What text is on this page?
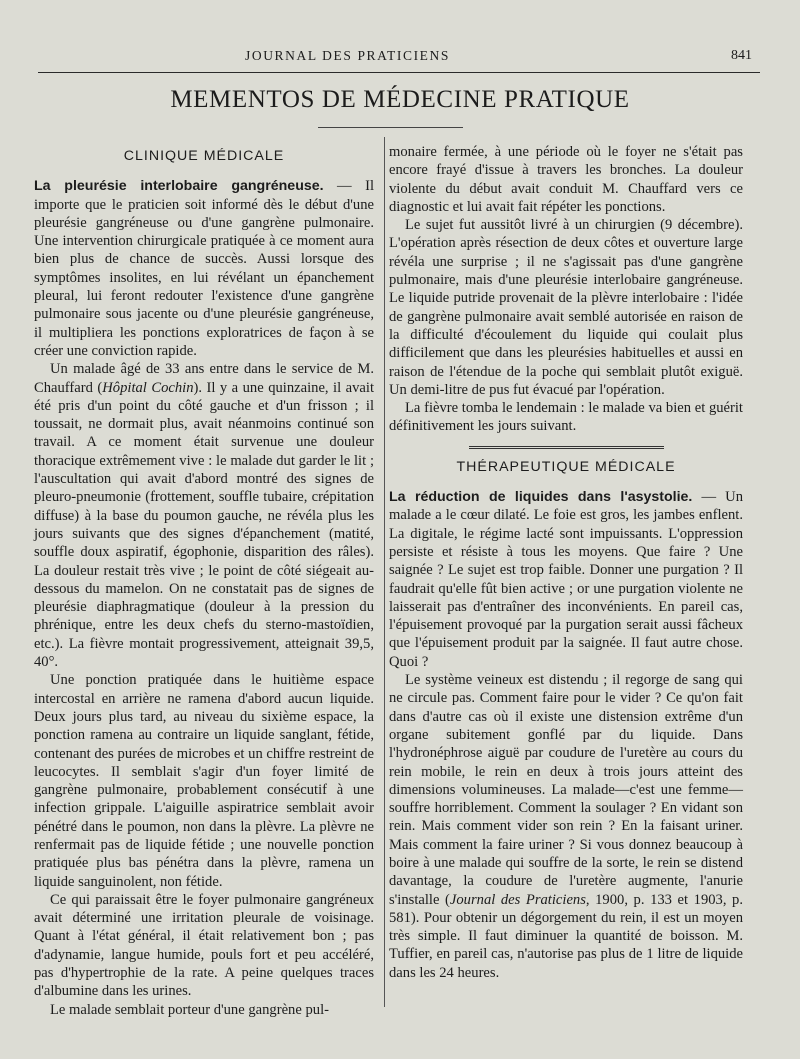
JOURNAL DES PRATICIENS	841
MEMENTOS DE MÉDECINE PRATIQUE
CLINIQUE MÉDICALE

La pleurésie interlobaire gangréneuse. — Il importe que le praticien soit informé dès le début d'une pleurésie gangréneuse ou d'une gangrène pulmonaire. Une intervention chirurgicale pratiquée à ce moment aura bien plus de chance de succès. Aussi lorsque des symptômes insolites, en lui révélant un épanchement pleural, lui feront redouter l'existence d'une gangrène pulmonaire sous jacente ou d'une pleurésie gangréneuse, il multipliera les ponctions exploratrices de façon à se créer une conviction rapide.

Un malade âgé de 33 ans entre dans le service de M. Chauffard (Hôpital Cochin). Il y a une quinzaine, il avait été pris d'un point du côté gauche et d'un frisson ; il toussait, ne dormait plus, avait néanmoins continué son travail. A ce moment était survenue une douleur thoracique extrêmement vive : le malade dut garder le lit ; l'auscultation qui avait d'abord montré des signes de pleuro-pneumonie (frottement, souffle tubaire, crépitation diffuse) à la base du poumon gauche, ne révéla plus les jours suivants que des signes d'épanchement (matité, souffle doux aspiratif, égophonie, disparition des râles). La douleur restait très vive ; le point de côté siégeait au-dessous du mamelon. On ne constatait pas de signes de pleurésie diaphragmatique (douleur à la pression du phrénique, entre les deux chefs du sterno-mastoïdien, etc.). La fièvre montait progressivement, atteignait 39,5, 40°.

Une ponction pratiquée dans le huitième espace intercostal en arrière ne ramena d'abord aucun liquide. Deux jours plus tard, au niveau du sixième espace, la ponction ramena au contraire un liquide sanglant, fétide, contenant des purées de microbes et un chiffre restreint de leucocytes. Il semblait s'agir d'un foyer limité de gangrène pulmonaire, probablement consécutif à une infection grippale. L'aiguille aspiratrice semblait avoir pénétré dans le poumon, non dans la plèvre. La plèvre ne renfermait pas de liquide fétide ; une nouvelle ponction pratiquée plus bas pénétra dans la plèvre, ramena un liquide sanguinolent, non fétide.

Ce qui paraissait être le foyer pulmonaire gangréneux avait déterminé une irritation pleurale de voisinage. Quant à l'état général, il était relativement bon ; pas d'adynamie, langue humide, pouls fort et peu accéléré, pas d'hypertrophie de la rate. A peine quelques traces d'albumine dans les urines.

Le malade semblait porteur d'une gangrène pul-

monaire fermée, à une période où le foyer ne s'était pas encore frayé d'issue à travers les bronches. La douleur violente du début avait conduit M. Chauffard vers ce diagnostic et lui avait fait répéter les ponctions.

Le sujet fut aussitôt livré à un chirurgien (9 décembre). L'opération après résection de deux côtes et ouverture large révéla une surprise ; il ne s'agissait pas d'une gangrène pulmonaire, mais d'une pleurésie interlobaire gangréneuse. Le liquide putride provenait de la plèvre interlobaire : l'idée de gangrène pulmonaire avait semblé autorisée en raison de la difficulté d'écoulement du liquide qui coulait plus difficilement que dans les pleurésies habituelles et aussi en raison de l'étendue de la poche qui semblait plutôt exiguë. Un demi-litre de pus fut évacué par l'opération.

La fièvre tomba le lendemain : le malade va bien et guérit définitivement les jours suivant.

THÉRAPEUTIQUE MÉDICALE

La réduction de liquides dans l'asystolie. — Un malade a le cœur dilaté. Le foie est gros, les jambes enflent. La digitale, le régime lacté sont impuissants. L'oppression persiste et résiste à tous les moyens. Que faire ? Une saignée ? Le sujet est trop faible. Donner une purgation ? Il faudrait qu'elle fût bien active ; or une purgation violente ne laisserait pas d'entraîner des inconvénients. En pareil cas, l'épuisement provoqué par la purgation serait aussi fâcheux que l'épuisement produit par la saignée. Il faut autre chose. Quoi ?

Le système veineux est distendu ; il regorge de sang qui ne circule pas. Comment faire pour le vider ? Ce qu'on fait dans d'autre cas où il existe une distension extrême d'un organe subitement gonflé par du liquide. Dans l'hydronéphrose aiguë par coudure de l'uretère au cours du rein mobile, le rein en deux à trois jours atteint des dimensions volumineuses. La malade—c'est une femme—souffre horriblement. Comment la soulager ? En vidant son rein. Mais comment vider son rein ? En la faisant uriner. Mais comment la faire uriner ? Si vous donnez beaucoup à boire à une malade qui souffre de la sorte, le rein se distend davantage, la coudure de l'uretère augmente, l'anurie s'installe (Journal des Praticiens, 1900, p. 133 et 1903, p. 581). Pour obtenir un dégorgement du rein, il est un moyen très simple. Il faut diminuer la quantité de boisson. M. Tuffier, en pareil cas, n'autorise pas plus de 1 litre de liquide dans les 24 heures.
